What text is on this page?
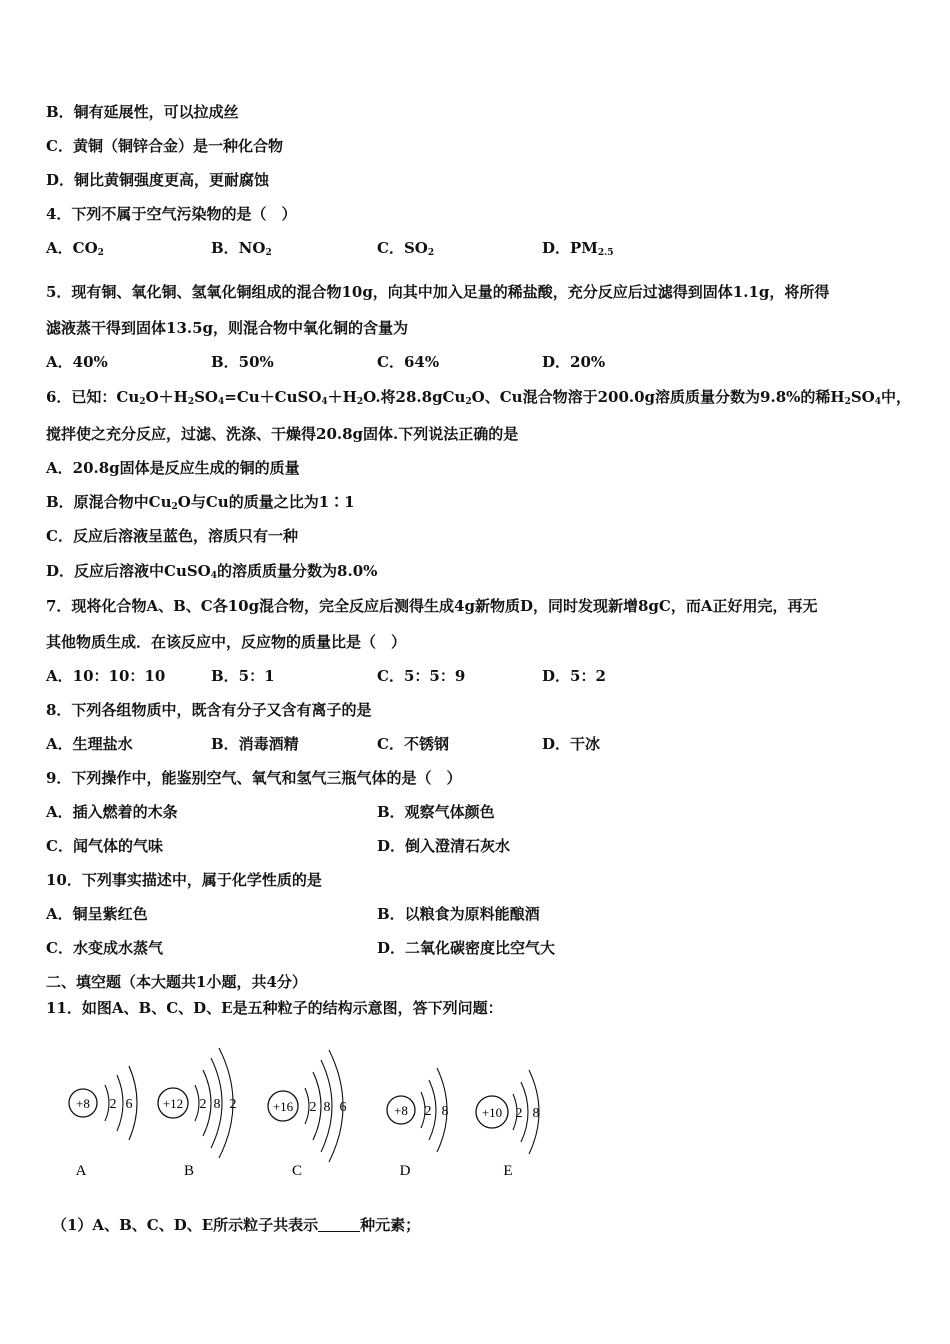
B．铜有延展性，可以拉成丝
C．黄铜（铜锌合金）是一种化合物
D．铜比黄铜强度更高，更耐腐蚀
4．下列不属于空气污染物的是（　）
A．$CO_2$	B．$NO_2$	C．$SO_2$	D．$PM_{2.5}$
5．现有铜、氧化铜、氢氧化铜组成的混合物10g，向其中加入足量的稀盐酸，充分反应后过滤得到固体1.1g，将所得
滤液蒸干得到固体13.5g，则混合物中氧化铜的含量为
A．40%	B．50%	C．64%	D．20%
6．已知：$Cu_2O+H_2SO_4=Cu+CuSO_4+H_2O$.将28.8gCu$_2$O、Cu混合物溶于200.0g溶质质量分数为9.8%的稀$H_2SO_4$中，
搅拌使之充分反应，过滤、洗涤、干燥得20.8g固体.下列说法正确的是
A．20.8g固体是反应生成的铜的质量
B．原混合物中$Cu_2O$与Cu的质量之比为1∶1
C．反应后溶液呈蓝色，溶质只有一种
D．反应后溶液中CuSO$_4$的溶质质量分数为8.0%
7．现将化合物A、B、C各10g混合物，完全反应后测得生成4g新物质D，同时发现新增8gC，而A正好用完，再无
其他物质生成．在该反应中，反应物的质量比是（　）
A．10：10：10	B．5：1	C．5：5：9	D．5：2
8．下列各组物质中，既含有分子又含有离子的是
A．生理盐水	B．消毒酒精	C．不锈钢	D．干冰
9．下列操作中，能鉴别空气、氧气和氢气三瓶气体的是（　）
A．插入燃着的木条	B．观察气体颜色
C．闻气体的气味	D．倒入澄清石灰水
10．下列事实描述中，属于化学性质的是
A．铜呈紫红色	B．以粮食为原料能酿酒
C．水变成水蒸气	D．二氧化碳密度比空气大
二、填空题（本大题共1小题，共4分）
11．如图A、B、C、D、E是五种粒子的结构示意图，答下列问题：
+8 2 6
A
+12 2 8 2
B
+16 2 8 6
C
+8 2 8
D
+10 2 8
E
（1）A、B、C、D、E所示粒子共表示	种元素；
